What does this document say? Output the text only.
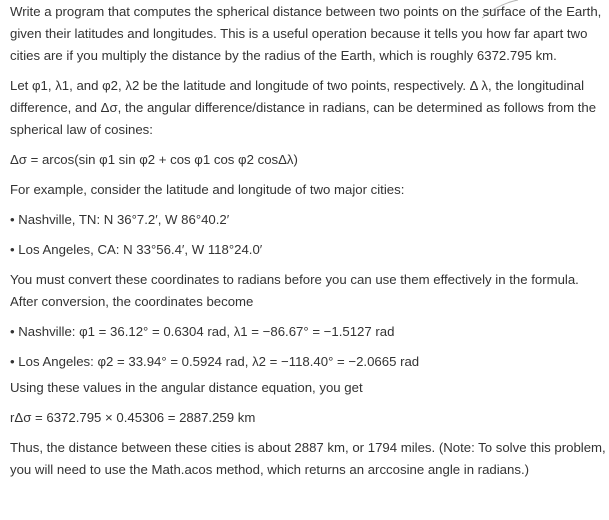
Write a program that computes the spherical distance between two points on the surface of the Earth, given their latitudes and longitudes. This is a useful operation because it tells you how far apart two cities are if you multiply the distance by the radius of the Earth, which is roughly 6372.795 km.

Let φ1, λ1, and φ2, λ2 be the latitude and longitude of two points, respectively. Δ λ, the longitudinal difference, and Δσ, the angular difference/distance in radians, can be determined as follows from the spherical law of cosines:

Δσ = arcos(sin φ1 sin φ2 + cos φ1 cos φ2 cosΔλ)

For example, consider the latitude and longitude of two major cities:

• Nashville, TN: N 36°7.2′, W 86°40.2′

• Los Angeles, CA: N 33°56.4′, W 118°24.0′

You must convert these coordinates to radians before you can use them effectively in the formula. After conversion, the coordinates become

• Nashville: φ1 = 36.12° = 0.6304 rad, λ1 = −86.67° = −1.5127 rad

• Los Angeles: φ2 = 33.94° = 0.5924 rad, λ2 = −118.40° = −2.0665 rad

Using these values in the angular distance equation, you get

rΔσ = 6372.795 × 0.45306 = 2887.259 km

Thus, the distance between these cities is about 2887 km, or 1794 miles. (Note: To solve this problem, you will need to use the Math.acos method, which returns an arccosine angle in radians.)
